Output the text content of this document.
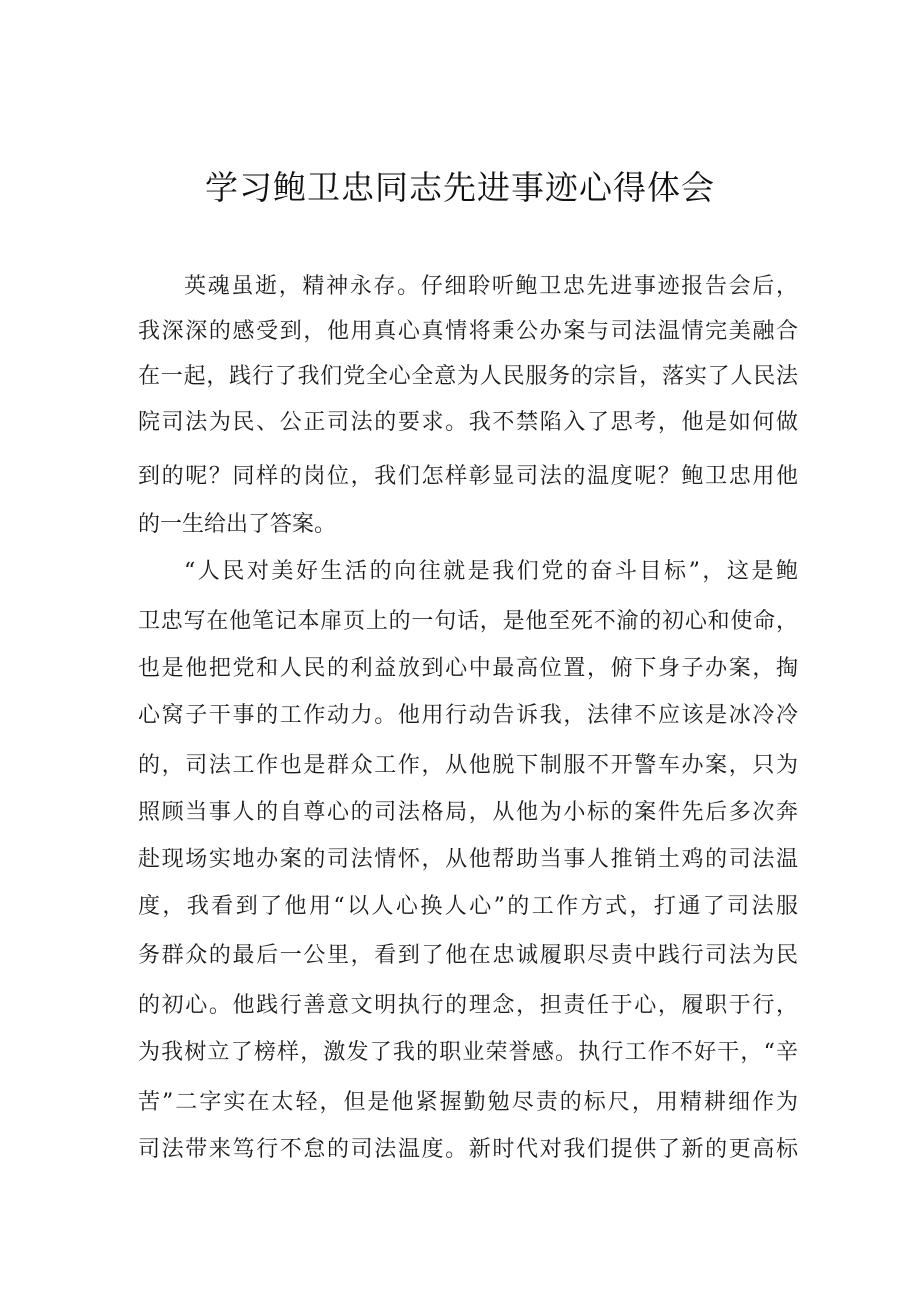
学习鲍卫忠同志先进事迹心得体会

英魂虽逝，精神永存。仔细聆听鲍卫忠先进事迹报告会后，

我深深的感受到，他用真心真情将秉公办案与司法温情完美融合

在一起，践行了我们党全心全意为人民服务的宗旨，落实了人民法

院司法为民、公正司法的要求。我不禁陷入了思考，他是如何做

到的呢？同样的岗位，我们怎样彰显司法的温度呢？鲍卫忠用他

的一生给出了答案。

“人民对美好生活的向往就是我们党的奋斗目标”，这是鲍

卫忠写在他笔记本扉页上的一句话，是他至死不渝的初心和使命，

也是他把党和人民的利益放到心中最高位置，俯下身子办案，掏

心窝子干事的工作动力。他用行动告诉我，法律不应该是冰冷冷

的，司法工作也是群众工作，从他脱下制服不开警车办案，只为

照顾当事人的自尊心的司法格局，从他为小标的案件先后多次奔

赴现场实地办案的司法情怀，从他帮助当事人推销土鸡的司法温

度，我看到了他用“以人心换人心”的工作方式，打通了司法服

务群众的最后一公里，看到了他在忠诚履职尽责中践行司法为民

的初心。他践行善意文明执行的理念，担责任于心，履职于行，

为我树立了榜样，激发了我的职业荣誉感。执行工作不好干，“辛

苦”二字实在太轻，但是他紧握勤勉尽责的标尺，用精耕细作为

司法带来笃行不怠的司法温度。新时代对我们提供了新的更高标
